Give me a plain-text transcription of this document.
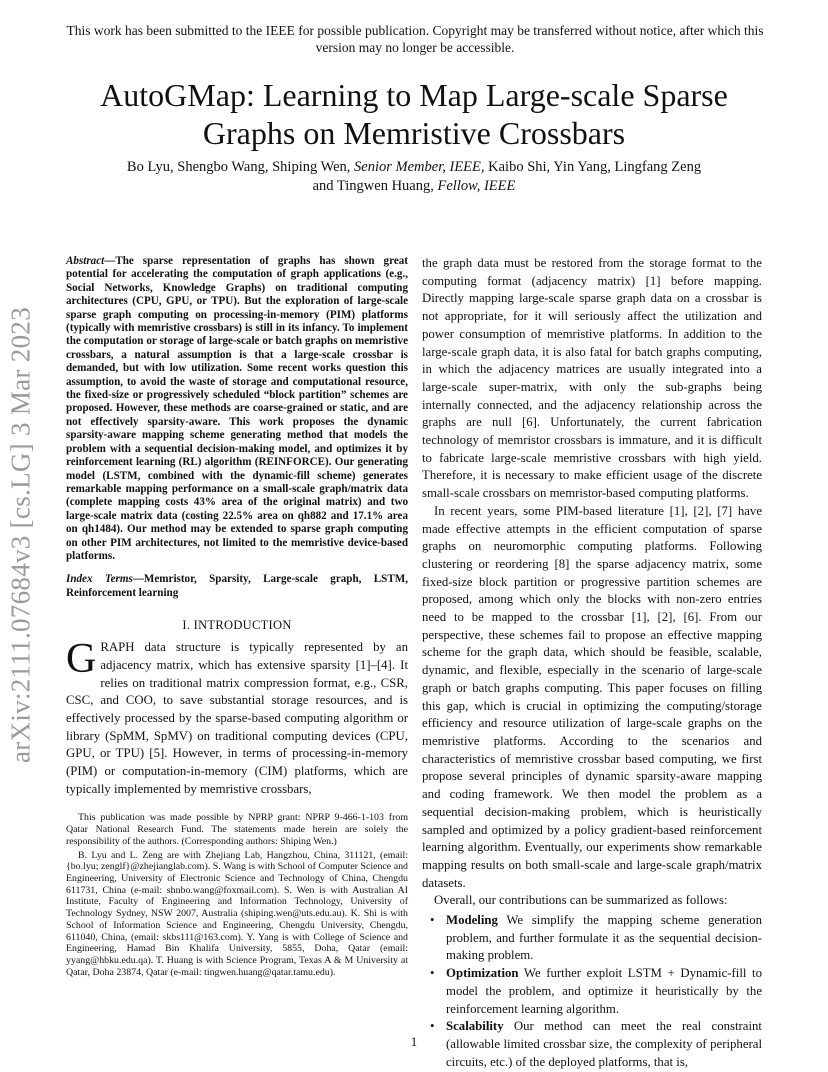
This work has been submitted to the IEEE for possible publication. Copyright may be transferred without notice, after which this version may no longer be accessible.
AutoGMap: Learning to Map Large-scale Sparse Graphs on Memristive Crossbars
Bo Lyu, Shengbo Wang, Shiping Wen, Senior Member, IEEE, Kaibo Shi, Yin Yang, Lingfang Zeng
and Tingwen Huang, Fellow, IEEE
arXiv:2111.07684v3 [cs.LG] 3 Mar 2023

Abstract—The sparse representation of graphs has shown great potential for accelerating the computation of graph applications (e.g., Social Networks, Knowledge Graphs) on traditional computing architectures (CPU, GPU, or TPU). But the exploration of large-scale sparse graph computing on processing-in-memory (PIM) platforms (typically with memristive crossbars) is still in its infancy. To implement the computation or storage of large-scale or batch graphs on memristive crossbars, a natural assumption is that a large-scale crossbar is demanded, but with low utilization. Some recent works question this assumption, to avoid the waste of storage and computational resource, the fixed-size or progressively scheduled “block partition” schemes are proposed. However, these methods are coarse-grained or static, and are not effectively sparsity-aware. This work proposes the dynamic sparsity-aware mapping scheme generating method that models the problem with a sequential decision-making model, and optimizes it by reinforcement learning (RL) algorithm (REINFORCE). Our generating model (LSTM, combined with the dynamic-fill scheme) generates remarkable mapping performance on a small-scale graph/matrix data (complete mapping costs 43% area of the original matrix) and two large-scale matrix data (costing 22.5% area on qh882 and 17.1% area on qh1484). Our method may be extended to sparse graph computing on other PIM architectures, not limited to the memristive device-based platforms.

Index Terms—Memristor, Sparsity, Large-scale graph, LSTM, Reinforcement learning

I. INTRODUCTION

GRAPH data structure is typically represented by an adjacency matrix, which has extensive sparsity [1]–[4]. It relies on traditional matrix compression format, e.g., CSR, CSC, and COO, to save substantial storage resources, and is effectively processed by the sparse-based computing algorithm or library (SpMM, SpMV) on traditional computing devices (CPU, GPU, or TPU) [5]. However, in terms of processing-in-memory (PIM) or computation-in-memory (CIM) platforms, which are typically implemented by memristive crossbars,

This publication was made possible by NPRP grant: NPRP 9-466-1-103 from Qatar National Research Fund. The statements made herein are solely the responsibility of the authors. (Corresponding authors: Shiping Wen.)

B. Lyu and L. Zeng are with Zhejiang Lab, Hangzhou, China, 311121, (email: {bo.lyu; zenglf}@zhejianglab.com). S. Wang is with School of Computer Science and Engineering, University of Electronic Science and Technology of China, Chengdu 611731, China (e-mail: shnbo.wang@foxmail.com). S. Wen is with Australian AI Institute, Faculty of Engineering and Information Technology, University of Technology Sydney, NSW 2007, Australia (shiping.wen@uts.edu.au). K. Shi is with School of Information Science and Engineering, Chengdu University, Chengdu, 611040, China, (email: skbs111@163.com). Y. Yang is with College of Science and Engineering, Hamad Bin Khalifa University, 5855, Doha, Qatar (email: yyang@hbku.edu.qa). T. Huang is with Science Program, Texas A & M University at Qatar, Doha 23874, Qatar (e-mail: tingwen.huang@qatar.tamu.edu).

the graph data must be restored from the storage format to the computing format (adjacency matrix) [1] before mapping. Directly mapping large-scale sparse graph data on a crossbar is not appropriate, for it will seriously affect the utilization and power consumption of memristive platforms. In addition to the large-scale graph data, it is also fatal for batch graphs computing, in which the adjacency matrices are usually integrated into a large-scale super-matrix, with only the sub-graphs being internally connected, and the adjacency relationship across the graphs are null [6]. Unfortunately, the current fabrication technology of memristor crossbars is immature, and it is difficult to fabricate large-scale memristive crossbars with high yield. Therefore, it is necessary to make efficient usage of the discrete small-scale crossbars on memristor-based computing platforms.

In recent years, some PIM-based literature [1], [2], [7] have made effective attempts in the efficient computation of sparse graphs on neuromorphic computing platforms. Following clustering or reordering [8] the sparse adjacency matrix, some fixed-size block partition or progressive partition schemes are proposed, among which only the blocks with non-zero entries need to be mapped to the crossbar [1], [2], [6]. From our perspective, these schemes fail to propose an effective mapping scheme for the graph data, which should be feasible, scalable, dynamic, and flexible, especially in the scenario of large-scale graph or batch graphs computing. This paper focuses on filling this gap, which is crucial in optimizing the computing/storage efficiency and resource utilization of large-scale graphs on the memristive platforms. According to the scenarios and characteristics of memristive crossbar based computing, we first propose several principles of dynamic sparsity-aware mapping and coding framework. We then model the problem as a sequential decision-making problem, which is heuristically sampled and optimized by a policy gradient-based reinforcement learning algorithm. Eventually, our experiments show remarkable mapping results on both small-scale and large-scale graph/matrix datasets.

Overall, our contributions can be summarized as follows:

• Modeling We simplify the mapping scheme generation problem, and further formulate it as the sequential decision-making problem.
• Optimization We further exploit LSTM + Dynamic-fill to model the problem, and optimize it heuristically by the reinforcement learning algorithm.
• Scalability Our method can meet the real constraint (allowable limited crossbar size, the complexity of peripheral circuits, etc.) of the deployed platforms, that is,
1
